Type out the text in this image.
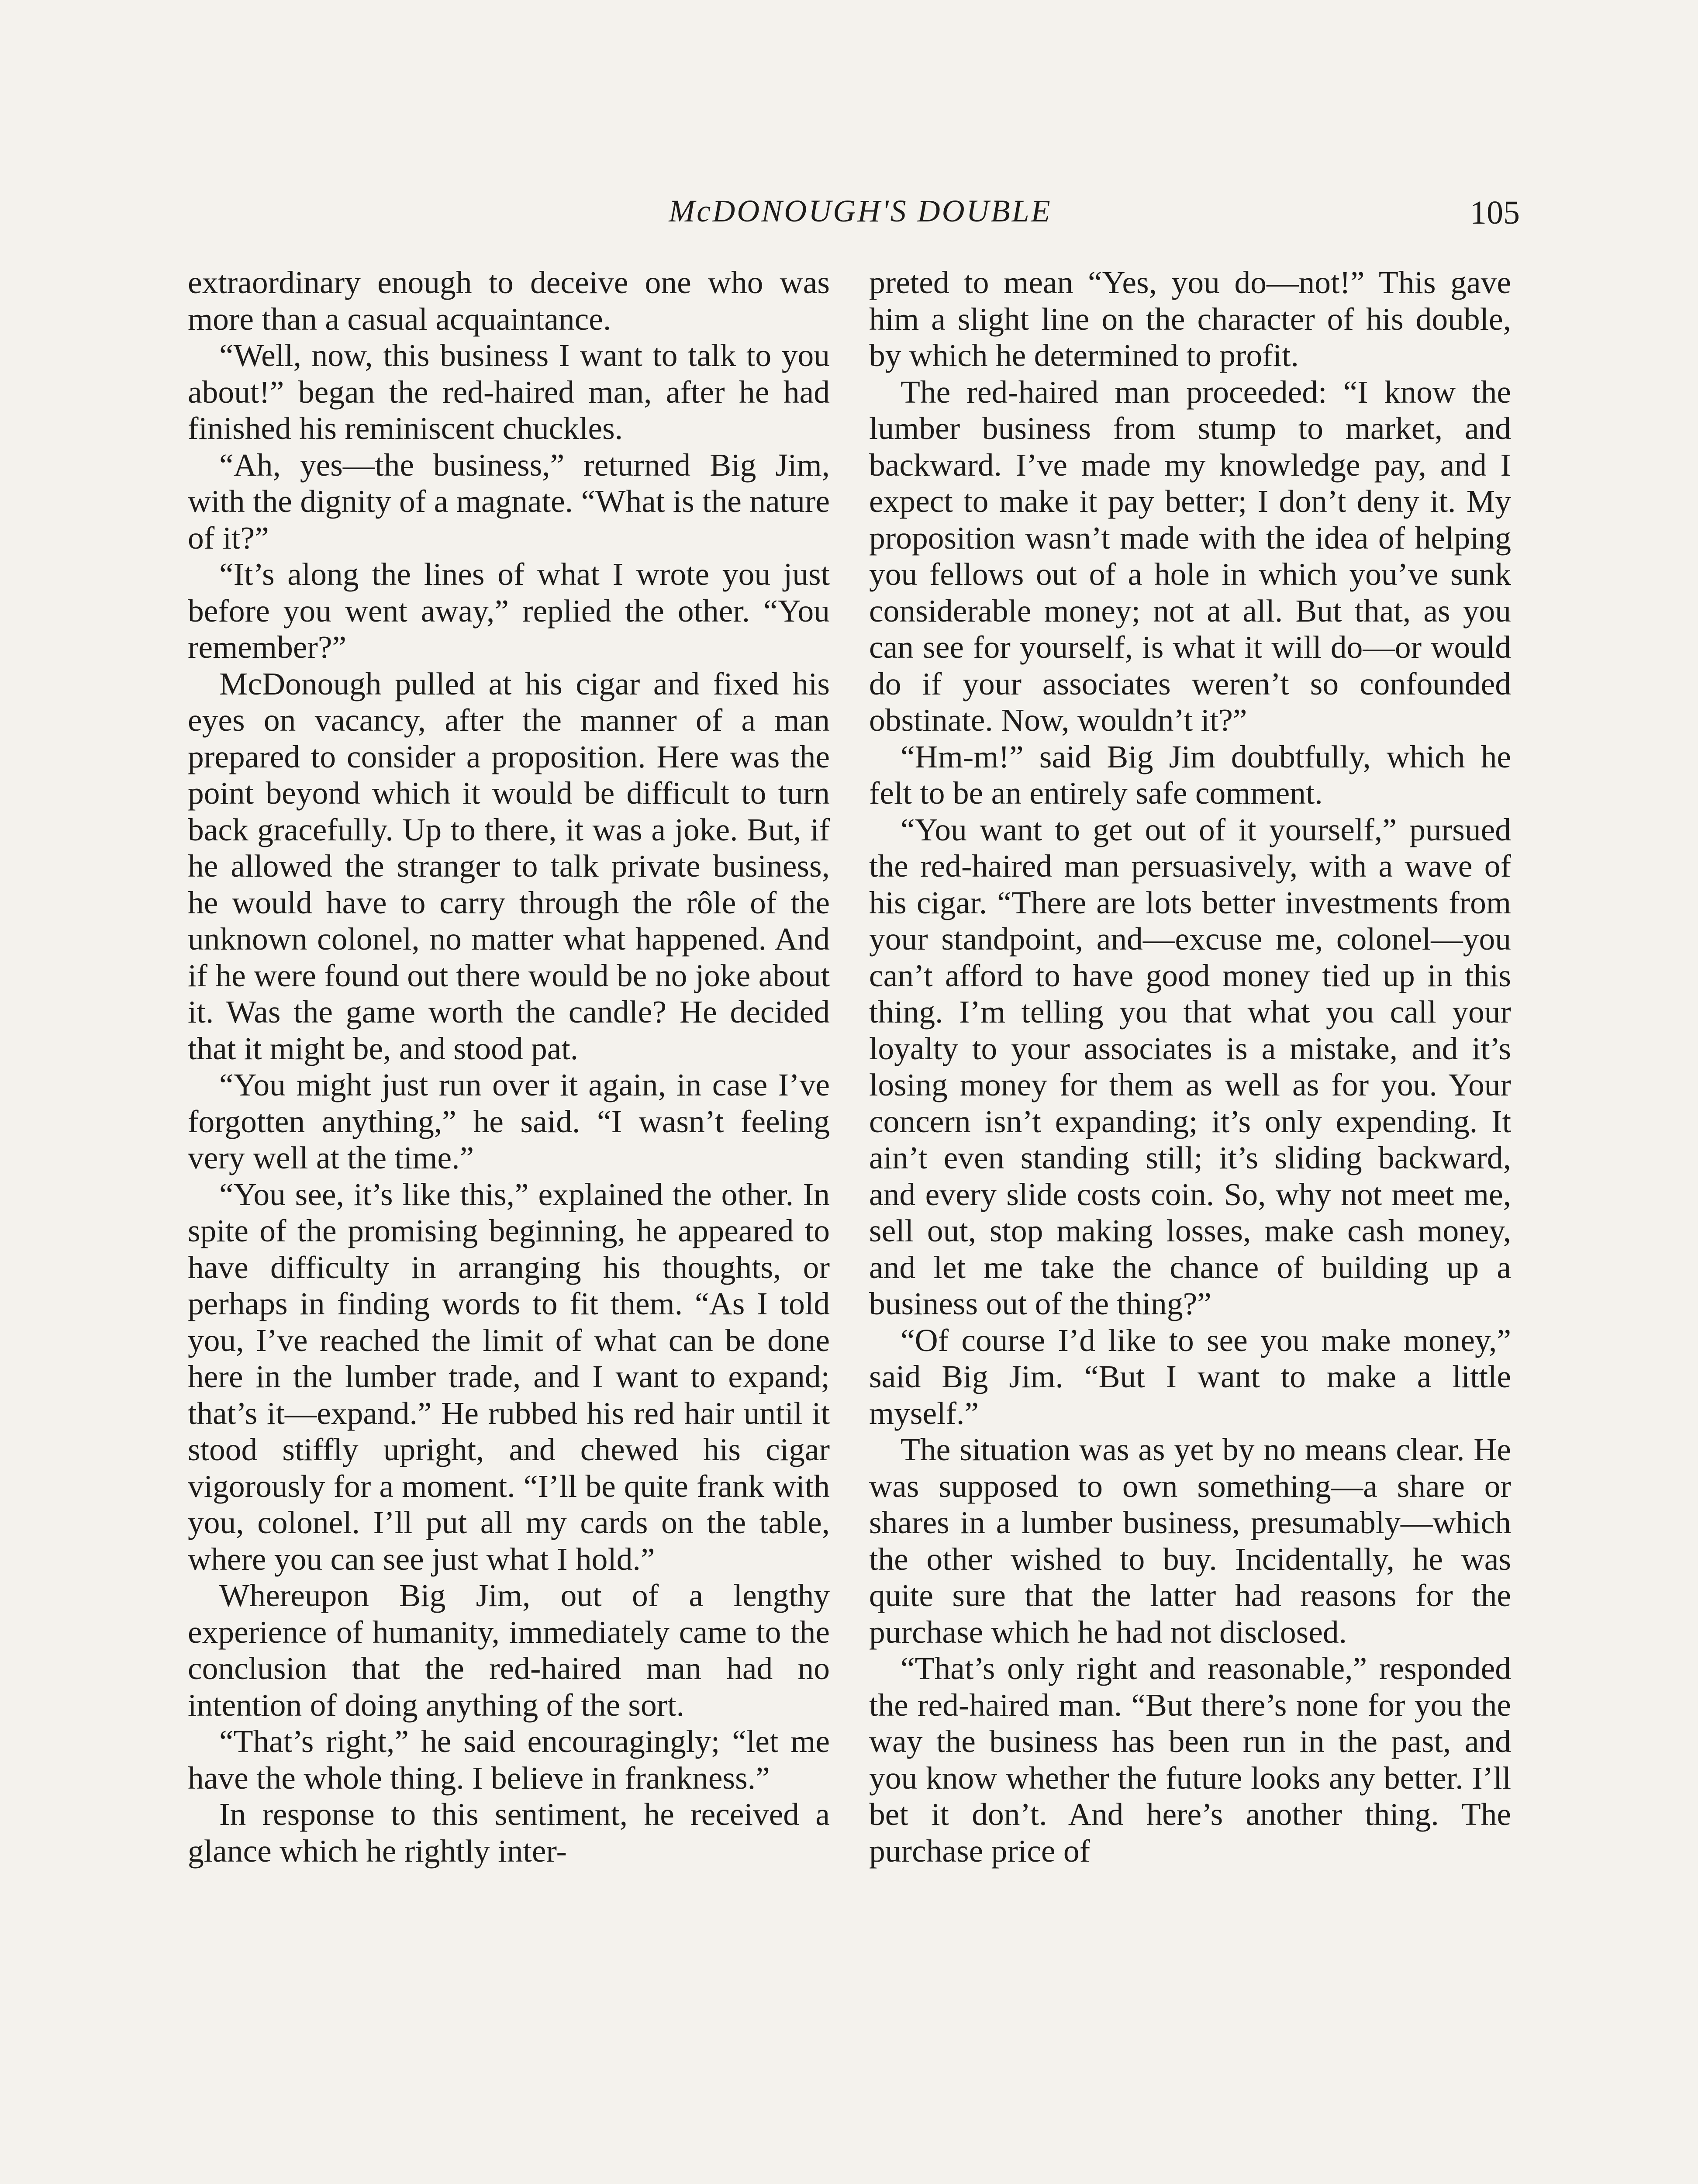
McDONOUGH'S DOUBLE	105

extraordinary enough to deceive one who was more than a casual acquaintance.

“Well, now, this business I want to talk to you about!” began the red-haired man, after he had finished his reminiscent chuckles.

“Ah, yes—the business,” returned Big Jim, with the dignity of a magnate. “What is the nature of it?”

“It’s along the lines of what I wrote you just before you went away,” replied the other. “You remember?”

McDonough pulled at his cigar and fixed his eyes on vacancy, after the manner of a man prepared to consider a proposition. Here was the point beyond which it would be difficult to turn back gracefully. Up to there, it was a joke. But, if he allowed the stranger to talk private business, he would have to carry through the rôle of the unknown colonel, no matter what happened. And if he were found out there would be no joke about it. Was the game worth the candle? He decided that it might be, and stood pat.

“You might just run over it again, in case I’ve forgotten anything,” he said. “I wasn’t feeling very well at the time.”

“You see, it’s like this,” explained the other. In spite of the promising beginning, he appeared to have difficulty in arranging his thoughts, or perhaps in finding words to fit them. “As I told you, I’ve reached the limit of what can be done here in the lumber trade, and I want to expand; that’s it—expand.” He rubbed his red hair until it stood stiffly upright, and chewed his cigar vigorously for a moment. “I’ll be quite frank with you, colonel. I’ll put all my cards on the table, where you can see just what I hold.”

Whereupon Big Jim, out of a lengthy experience of humanity, immediately came to the conclusion that the red-haired man had no intention of doing anything of the sort.

“That’s right,” he said encouragingly; “let me have the whole thing. I believe in frankness.”

In response to this sentiment, he received a glance which he rightly inter-

preted to mean “Yes, you do—not!” This gave him a slight line on the character of his double, by which he determined to profit.

The red-haired man proceeded: “I know the lumber business from stump to market, and backward. I’ve made my knowledge pay, and I expect to make it pay better; I don’t deny it. My proposition wasn’t made with the idea of helping you fellows out of a hole in which you’ve sunk considerable money; not at all. But that, as you can see for yourself, is what it will do—or would do if your associates weren’t so confounded obstinate. Now, wouldn’t it?”

“Hm-m!” said Big Jim doubtfully, which he felt to be an entirely safe comment.

“You want to get out of it yourself,” pursued the red-haired man persuasively, with a wave of his cigar. “There are lots better investments from your standpoint, and—excuse me, colonel—you can’t afford to have good money tied up in this thing. I’m telling you that what you call your loyalty to your associates is a mistake, and it’s losing money for them as well as for you. Your concern isn’t expanding; it’s only expending. It ain’t even standing still; it’s sliding backward, and every slide costs coin. So, why not meet me, sell out, stop making losses, make cash money, and let me take the chance of building up a business out of the thing?”

“Of course I’d like to see you make money,” said Big Jim. “But I want to make a little myself.”

The situation was as yet by no means clear. He was supposed to own something—a share or shares in a lumber business, presumably—which the other wished to buy. Incidentally, he was quite sure that the latter had reasons for the purchase which he had not disclosed.

“That’s only right and reasonable,” responded the red-haired man. “But there’s none for you the way the business has been run in the past, and you know whether the future looks any better. I’ll bet it don’t. And here’s another thing. The purchase price of
